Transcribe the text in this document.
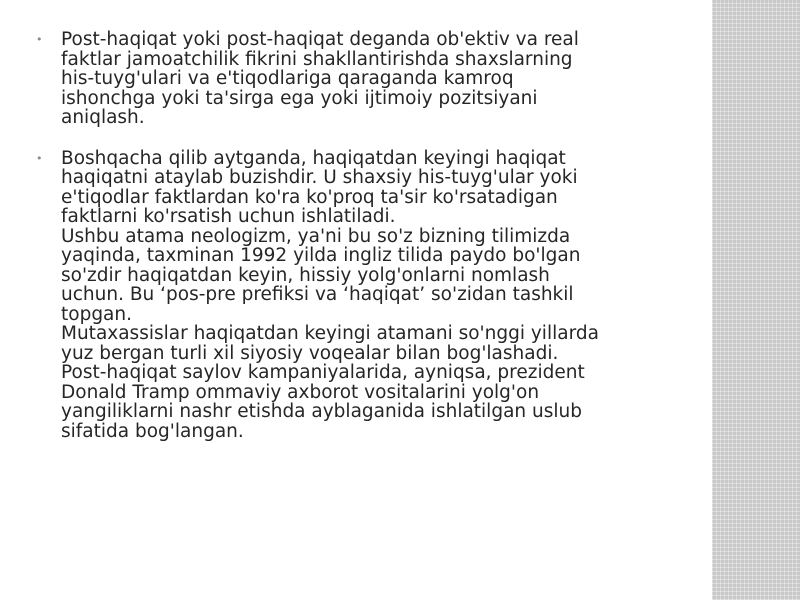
• Post-haqiqat yoki post-haqiqat deganda ob'ektiv va real
faktlar jamoatchilik fikrini shakllantirishda shaxslarning
his-tuyg'ulari va e'tiqodlariga qaraganda kamroq
ishonchga yoki ta'sirga ega yoki ijtimoiy pozitsiyani
aniqlash.
• Boshqacha qilib aytganda, haqiqatdan keyingi haqiqat
haqiqatni ataylab buzishdir. U shaxsiy his-tuyg'ular yoki
e'tiqodlar faktlardan ko'ra ko'proq ta'sir ko'rsatadigan
faktlarni ko'rsatish uchun ishlatiladi.
Ushbu atama neologizm, ya'ni bu so'z bizning tilimizda
yaqinda, taxminan 1992 yilda ingliz tilida paydo bo'lgan
so'zdir haqiqatdan keyin, hissiy yolg'onlarni nomlash
uchun. Bu ‘pos-pre prefiksi va ‘haqiqat’ so'zidan tashkil
topgan.
Mutaxassislar haqiqatdan keyingi atamani so'nggi yillarda
yuz bergan turli xil siyosiy voqealar bilan bog'lashadi.
Post-haqiqat saylov kampaniyalarida, ayniqsa, prezident
Donald Tramp ommaviy axborot vositalarini yolg'on
yangiliklarni nashr etishda ayblaganida ishlatilgan uslub
sifatida bog'langan.
